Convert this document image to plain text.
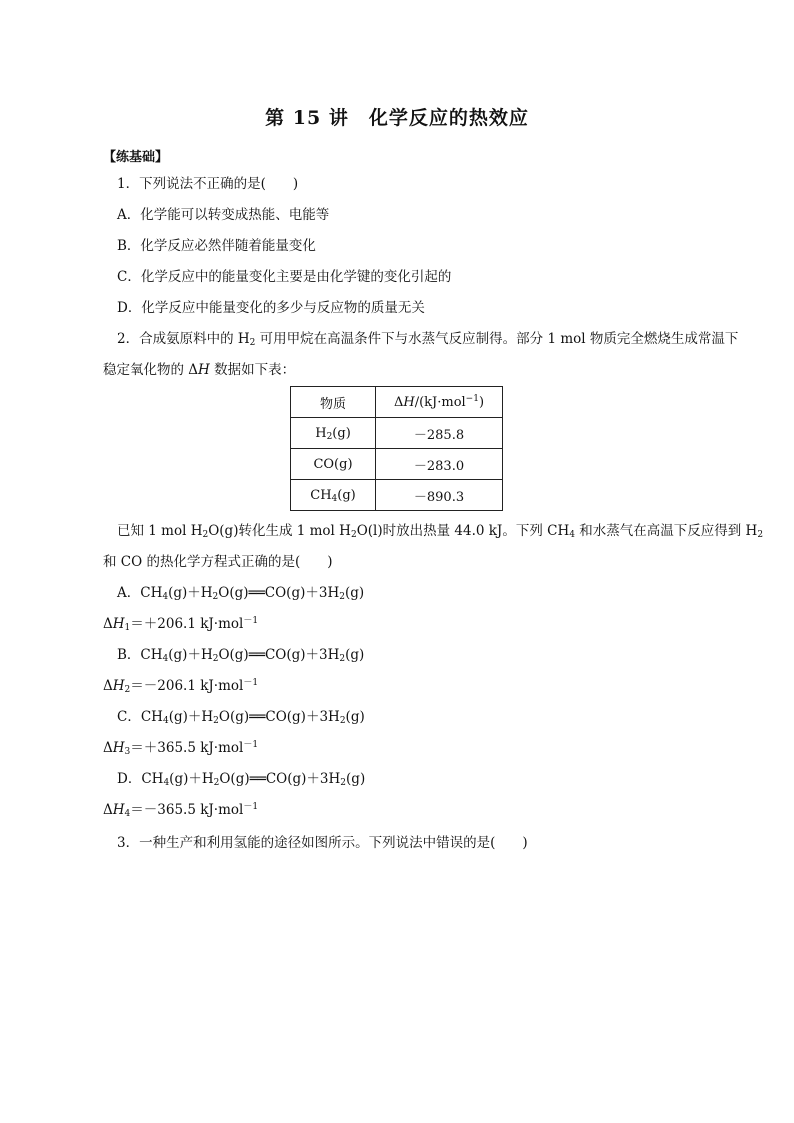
第 15 讲　化学反应的热效应
【练基础】
1．下列说法不正确的是(　　)
A．化学能可以转变成热能、电能等
B．化学反应必然伴随着能量变化
C．化学反应中的能量变化主要是由化学键的变化引起的
D．化学反应中能量变化的多少与反应物的质量无关
2．合成氨原料中的 $H_2$ 可用甲烷在高温条件下与水蒸气反应制得。部分 1 mol 物质完全燃烧生成常温下
稳定氧化物的 ΔH 数据如下表：
物质	ΔH/(kJ·mol$^{-1}$)
$H_2(g)$	－285.8
CO(g)	－283.0
$CH_4(g)$	－890.3
已知 1 mol $H_2O(g)$转化生成 1 mol $H_2O(l)$时放出热量 44.0 kJ。下列 $CH_4$ 和水蒸气在高温下反应得到 $H_2$
和 CO 的热化学方程式正确的是(　　)
A．$CH_4(g)+H_2O(g)══CO(g)+3H_2(g)$
$\Delta H_1=+206.1$ kJ·mol$^{-1}$
B．$CH_4(g)+H_2O(g)══CO(g)+3H_2(g)$
$\Delta H_2=-206.1$ kJ·mol$^{-1}$
C．$CH_4(g)+H_2O(g)══CO(g)+3H_2(g)$
$\Delta H_3=+365.5$ kJ·mol$^{-1}$
D．$CH_4(g)+H_2O(g)══CO(g)+3H_2(g)$
$\Delta H_4=-365.5$ kJ·mol$^{-1}$
3．一种生产和利用氢能的途径如图所示。下列说法中错误的是(　　)
